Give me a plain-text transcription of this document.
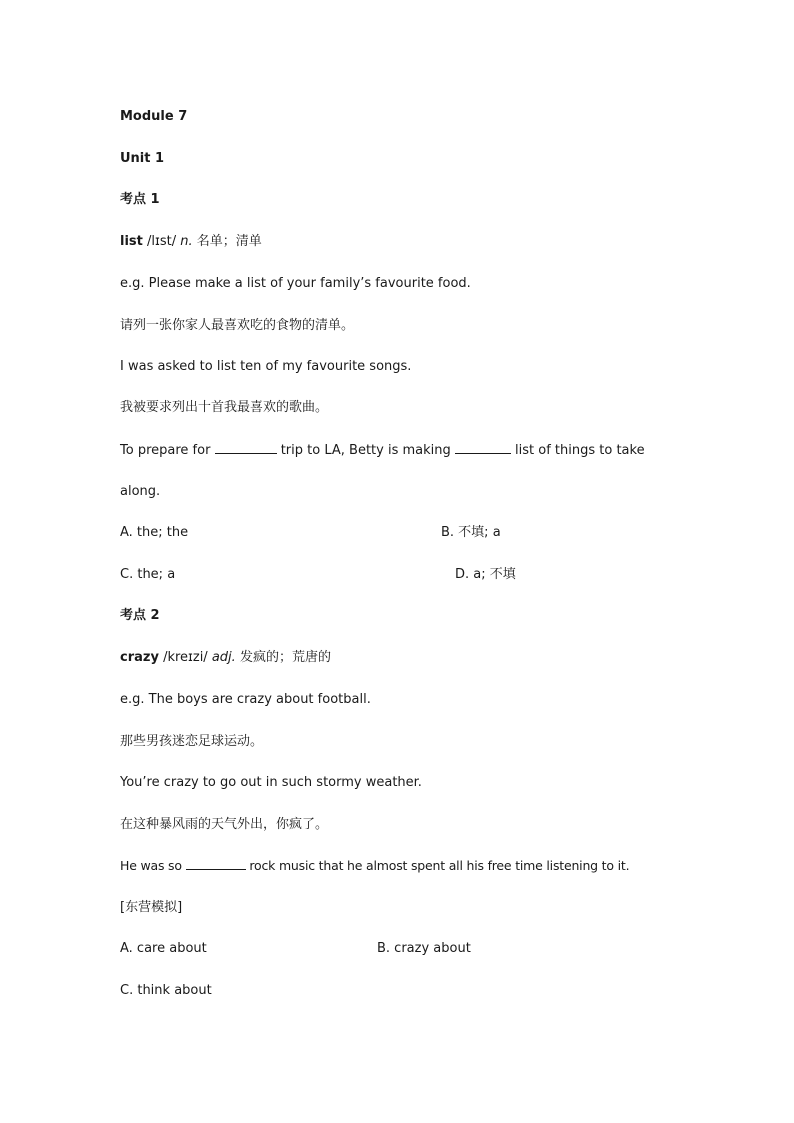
Module 7
Unit 1
考点 1
list /lɪst/ n. 名单；清单
e.g. Please make a list of your family’s favourite food.
请列一张你家人最喜欢吃的食物的清单。
I was asked to list ten of my favourite songs.
我被要求列出十首我最喜欢的歌曲。
To prepare for	trip to LA, Betty is making	list of things to take
along.
A. the; the	B. 不填; a
C. the; a	D. a; 不填
考点 2
crazy /kreɪzi/ adj. 发疯的；荒唐的
e.g. The boys are crazy about football.
那些男孩迷恋足球运动。
You’re crazy to go out in such stormy weather.
在这种暴风雨的天气外出，你疯了。
He was so	rock music that he almost spent all his free time listening to it.
[东营模拟]
A. care about	B. crazy about
C. think about
